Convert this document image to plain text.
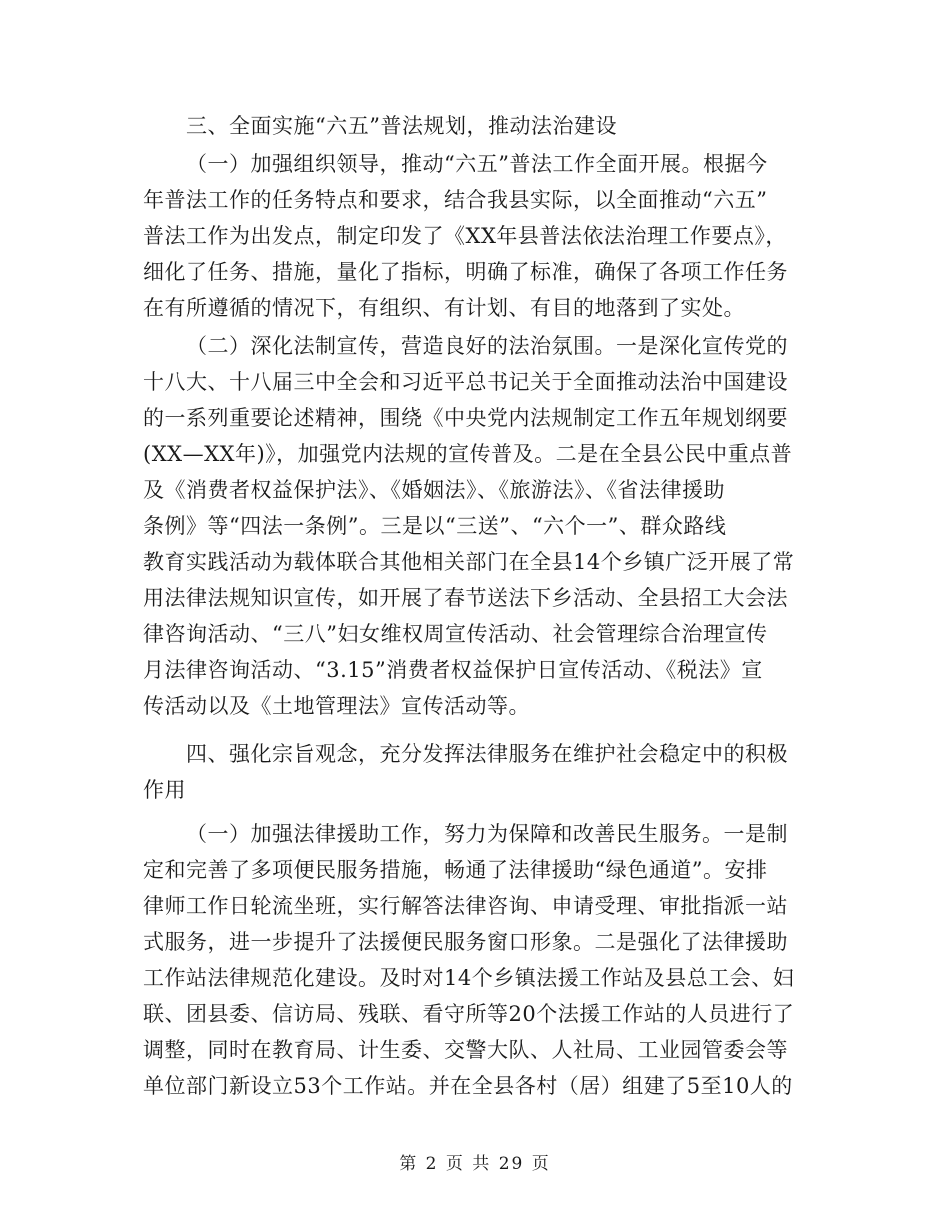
三、全面实施“六五”普法规划，推动法治建设
（一）加强组织领导，推动“六五”普法工作全面开展。根据今
年普法工作的任务特点和要求，结合我县实际，以全面推动“六五”
普法工作为出发点，制定印发了《XX年县普法依法治理工作要点》，
细化了任务、措施，量化了指标，明确了标准，确保了各项工作任务
在有所遵循的情况下，有组织、有计划、有目的地落到了实处。
（二）深化法制宣传，营造良好的法治氛围。一是深化宣传党的
十八大、十八届三中全会和习近平总书记关于全面推动法治中国建设
的一系列重要论述精神，围绕《中央党内法规制定工作五年规划纲要
(XX—XX年)》，加强党内法规的宣传普及。二是在全县公民中重点普
及《消费者权益保护法》、《婚姻法》、《旅游法》、《省法律援助
条例》等“四法一条例”。三是以“三送”、“六个一”、群众路线
教育实践活动为载体联合其他相关部门在全县14个乡镇广泛开展了常
用法律法规知识宣传，如开展了春节送法下乡活动、全县招工大会法
律咨询活动、“三八”妇女维权周宣传活动、社会管理综合治理宣传
月法律咨询活动、“3.15”消费者权益保护日宣传活动、《税法》宣
传活动以及《土地管理法》宣传活动等。
四、强化宗旨观念，充分发挥法律服务在维护社会稳定中的积极
作用
（一）加强法律援助工作，努力为保障和改善民生服务。一是制
定和完善了多项便民服务措施，畅通了法律援助“绿色通道”。安排
律师工作日轮流坐班，实行解答法律咨询、申请受理、审批指派一站
式服务，进一步提升了法援便民服务窗口形象。二是强化了法律援助
工作站法律规范化建设。及时对14个乡镇法援工作站及县总工会、妇
联、团县委、信访局、残联、看守所等20个法援工作站的人员进行了
调整，同时在教育局、计生委、交警大队、人社局、工业园管委会等
单位部门新设立53个工作站。并在全县各村（居）组建了5至10人的
第 2 页 共 29 页
